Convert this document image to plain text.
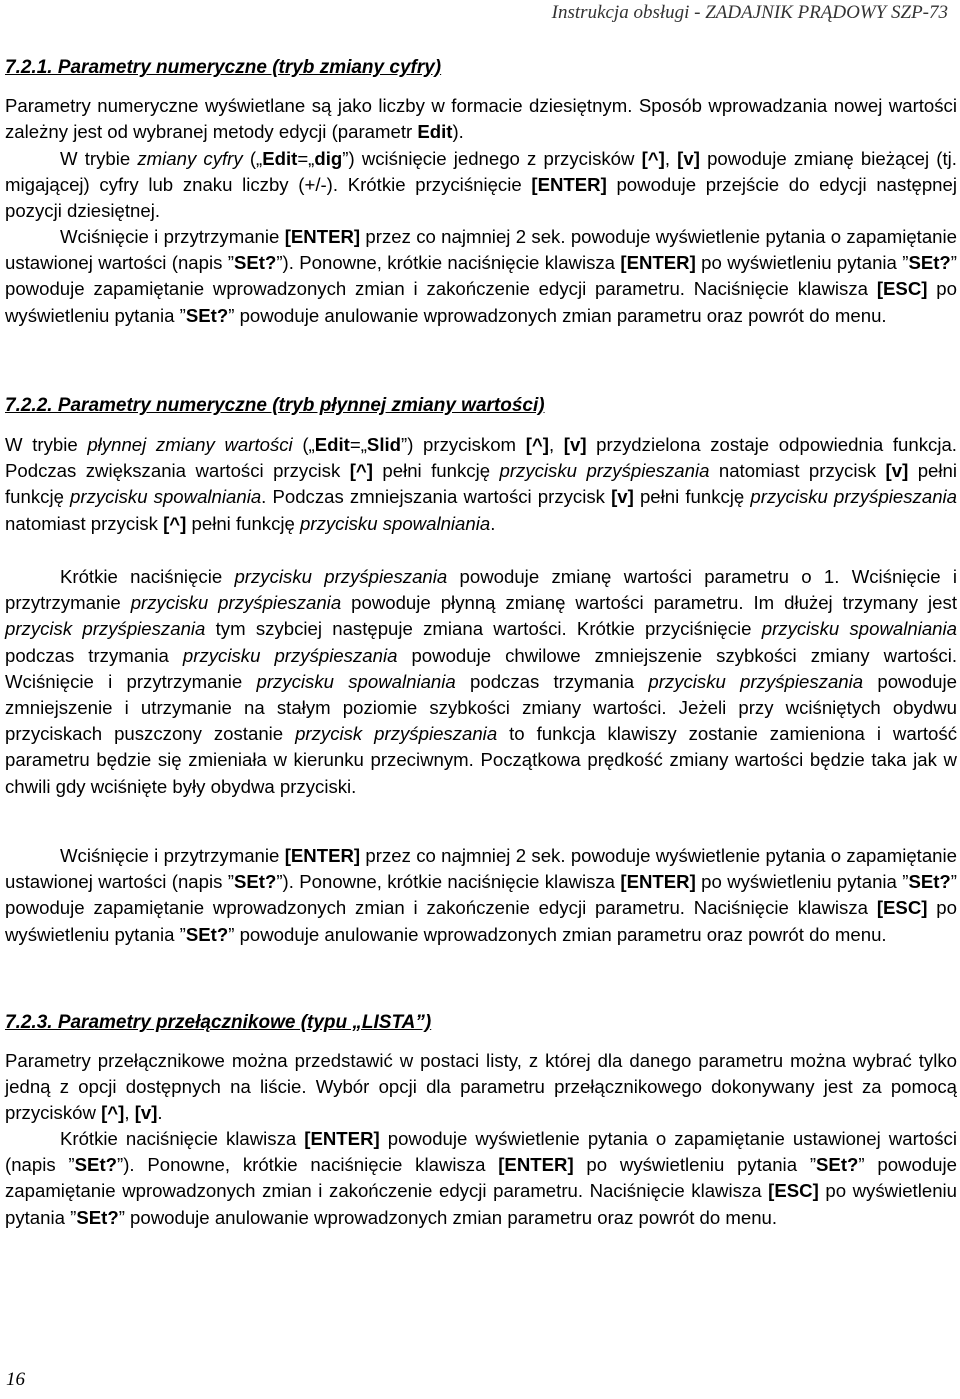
Instrukcja obsługi - ZADAJNIK PRĄDOWY SZP-73
7.2.1. Parametry numeryczne (tryb zmiany cyfry)

Parametry numeryczne wyświetlane są jako liczby w formacie dziesiętnym. Sposób wprowadzania nowej wartości zależny jest od wybranej metody edycji (parametr Edit).

W trybie zmiany cyfry („Edit=„dig”) wciśnięcie jednego z przycisków [^], [v] powoduje zmianę bieżącej (tj. migającej) cyfry lub znaku liczby (+/-). Krótkie przyciśnięcie [ENTER] powoduje przejście do edycji następnej pozycji dziesiętnej.

Wciśnięcie i przytrzymanie [ENTER] przez co najmniej 2 sek. powoduje wyświetlenie pytania o zapamiętanie ustawionej wartości (napis ”SEt?”). Ponowne, krótkie naciśnięcie klawisza [ENTER] po wyświetleniu pytania ”SEt?” powoduje zapamiętanie wprowadzonych zmian i zakończenie edycji parametru. Naciśnięcie klawisza [ESC] po wyświetleniu pytania ”SEt?” powoduje anulowanie wprowadzonych zmian parametru oraz powrót do menu.

7.2.2. Parametry numeryczne (tryb płynnej zmiany wartości)

W trybie płynnej zmiany wartości („Edit=„Slid”) przyciskom [^], [v] przydzielona zostaje odpowiednia funkcja. Podczas zwiększania wartości przycisk [^] pełni funkcję przycisku przyśpieszania natomiast przycisk [v] pełni funkcję przycisku spowalniania. Podczas zmniejszania wartości przycisk [v] pełni funkcję przycisku przyśpieszania natomiast przycisk [^] pełni funkcję przycisku spowalniania.

Krótkie naciśnięcie przycisku przyśpieszania powoduje zmianę wartości parametru o 1. Wciśnięcie i przytrzymanie przycisku przyśpieszania powoduje płynną zmianę wartości parametru. Im dłużej trzymany jest przycisk przyśpieszania tym szybciej następuje zmiana wartości. Krótkie przyciśnięcie przycisku spowalniania podczas trzymania przycisku przyśpieszania powoduje chwilowe zmniejszenie szybkości zmiany wartości. Wciśnięcie i przytrzymanie przycisku spowalniania podczas trzymania przycisku przyśpieszania powoduje zmniejszenie i utrzymanie na stałym poziomie szybkości zmiany wartości. Jeżeli przy wciśniętych obydwu przyciskach puszczony zostanie przycisk przyśpieszania to funkcja klawiszy zostanie zamieniona i wartość parametru będzie się zmieniała w kierunku przeciwnym. Początkowa prędkość zmiany wartości będzie taka jak w chwili gdy wciśnięte były obydwa przyciski.

Wciśnięcie i przytrzymanie [ENTER] przez co najmniej 2 sek. powoduje wyświetlenie pytania o zapamiętanie ustawionej wartości (napis ”SEt?”). Ponowne, krótkie naciśnięcie klawisza [ENTER] po wyświetleniu pytania ”SEt?” powoduje zapamiętanie wprowadzonych zmian i zakończenie edycji parametru. Naciśnięcie klawisza [ESC] po wyświetleniu pytania ”SEt?” powoduje anulowanie wprowadzonych zmian parametru oraz powrót do menu.

7.2.3. Parametry przełącznikowe (typu „LISTA”)

Parametry przełącznikowe można przedstawić w postaci listy, z której dla danego parametru można wybrać tylko jedną z opcji dostępnych na liście. Wybór opcji dla parametru przełącznikowego dokonywany jest za pomocą przycisków [^], [v].

Krótkie naciśnięcie klawisza [ENTER] powoduje wyświetlenie pytania o zapamiętanie ustawionej wartości (napis ”SEt?”). Ponowne, krótkie naciśnięcie klawisza [ENTER] po wyświetleniu pytania ”SEt?” powoduje zapamiętanie wprowadzonych zmian i zakończenie edycji parametru. Naciśnięcie klawisza [ESC] po wyświetleniu pytania ”SEt?” powoduje anulowanie wprowadzonych zmian parametru oraz powrót do menu.

16
